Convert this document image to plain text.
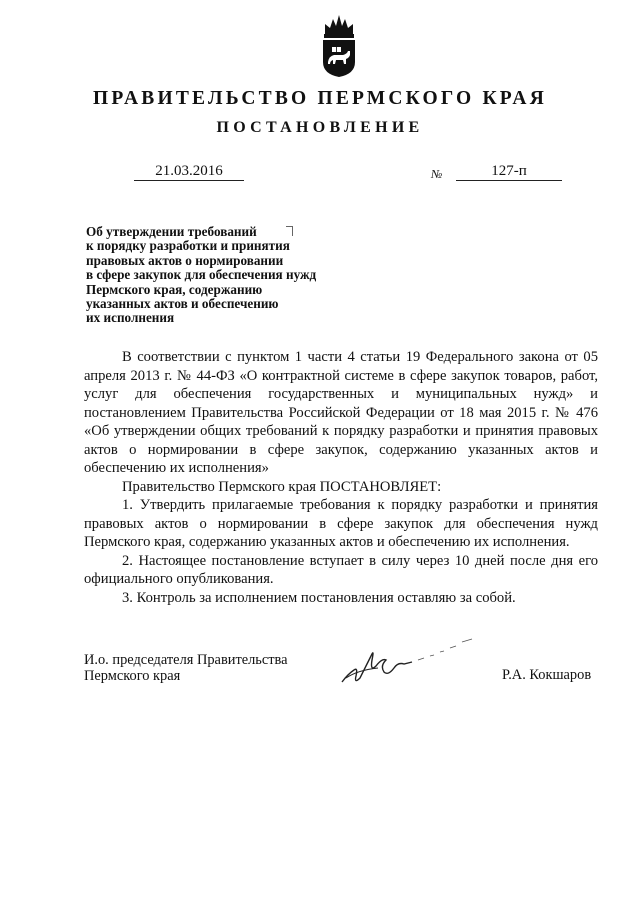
ПРАВИТЕЛЬСТВО ПЕРМСКОГО КРАЯ
ПОСТАНОВЛЕНИЕ
21.03.2016	№	127-п
Об утверждении требований
к порядку разработки и принятия
правовых актов о нормировании
в сфере закупок для обеспечения нужд
Пермского края, содержанию
указанных актов и обеспечению
их исполнения

В соответствии с пунктом 1 части 4 статьи 19 Федерального закона от 05 апреля 2013 г. № 44-ФЗ «О контрактной системе в сфере закупок товаров, работ, услуг для обеспечения государственных и муниципальных нужд» и постановлением Правительства Российской Федерации от 18 мая 2015 г. № 476 «Об утверждении общих требований к порядку разработки и принятия правовых актов о нормировании в сфере закупок, содержанию указанных актов и обеспечению их исполнения»

Правительство Пермского края ПОСТАНОВЛЯЕТ:

1. Утвердить прилагаемые требования к порядку разработки и принятия правовых актов о нормировании в сфере закупок для обеспечения нужд Пермского края, содержанию указанных актов и обеспечению их исполнения.

2. Настоящее постановление вступает в силу через 10 дней после дня его официального опубликования.

3. Контроль за исполнением постановления оставляю за собой.

И.о. председателя Правительства
Пермского края	Р.А. Кокшаров
